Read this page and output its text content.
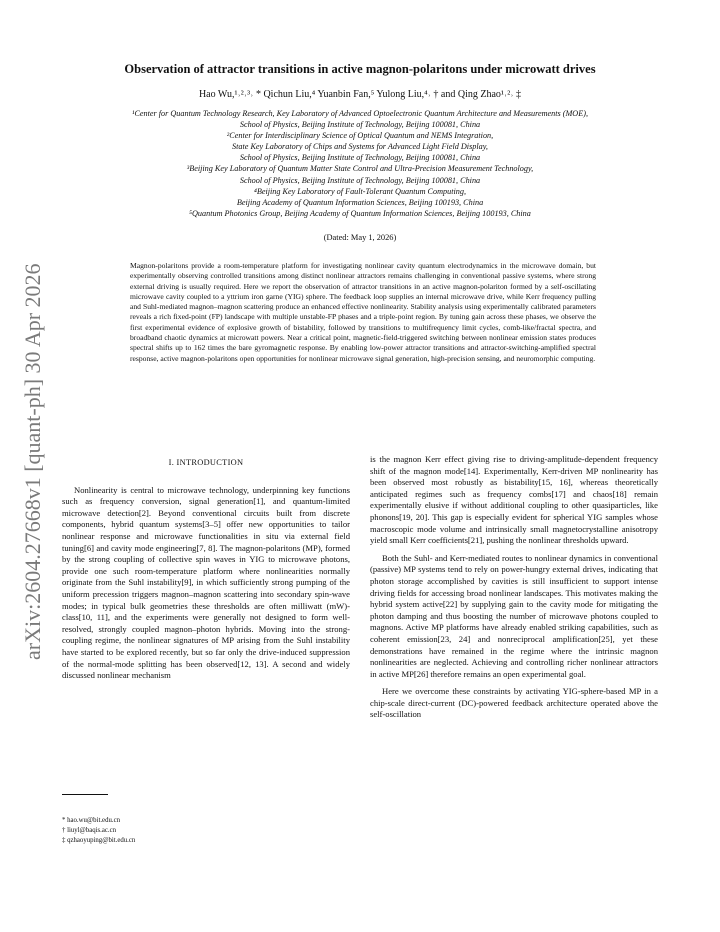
arXiv:2604.27668v1 [quant-ph] 30 Apr 2026
Observation of attractor transitions in active magnon-polaritons under microwatt drives
Hao Wu,¹˒²˒³˒ * Qichun Liu,⁴ Yuanbin Fan,⁵ Yulong Liu,⁴˒ † and Qing Zhao¹˒²˒ ‡
¹Center for Quantum Technology Research, Key Laboratory of Advanced Optoelectronic Quantum Architecture and Measurements (MOE),
School of Physics, Beijing Institute of Technology, Beijing 100081, China
²Center for Interdisciplinary Science of Optical Quantum and NEMS Integration,
State Key Laboratory of Chips and Systems for Advanced Light Field Display,
School of Physics, Beijing Institute of Technology, Beijing 100081, China
³Beijing Key Laboratory of Quantum Matter State Control and Ultra-Precision Measurement Technology,
School of Physics, Beijing Institute of Technology, Beijing 100081, China
⁴Beijing Key Laboratory of Fault-Tolerant Quantum Computing,
Beijing Academy of Quantum Information Sciences, Beijing 100193, China
⁵Quantum Photonics Group, Beijing Academy of Quantum Information Sciences, Beijing 100193, China
(Dated: May 1, 2026)
Magnon-polaritons provide a room-temperature platform for investigating nonlinear cavity quantum electrodynamics in the microwave domain, but experimentally observing controlled transitions among distinct nonlinear attractors remains challenging in conventional passive systems, where strong external driving is usually required. Here we report the observation of attractor transitions in an active magnon-polariton formed by a self-oscillating microwave cavity coupled to a yttrium iron garne (YIG) sphere. The feedback loop supplies an internal microwave drive, while Kerr frequency pulling and Suhl-mediated magnon–magnon scattering produce an enhanced effective nonlinearity. Stability analysis using experimentally calibrated parameters reveals a rich fixed-point (FP) landscape with multiple unstable-FP phases and a triple-point region. By tuning gain across these phases, we observe the first experimental evidence of explosive growth of bistability, followed by transitions to multifrequency limit cycles, comb-like/fractal spectra, and broadband chaotic dynamics at microwatt powers. Near a critical point, magnetic-field-triggered switching between nonlinear emission states produces spectral shifts up to 162 times the bare gyromagnetic response. By enabling low-power attractor transitions and attractor-switching-amplified spectral response, active magnon-polaritons open opportunities for nonlinear microwave signal generation, high-precision sensing, and neuromorphic computing.
I. INTRODUCTION

Nonlinearity is central to microwave technology, underpinning key functions such as frequency conversion, signal generation[1], and quantum-limited microwave detection[2]. Beyond conventional circuits built from discrete components, hybrid quantum systems[3–5] offer new opportunities to tailor nonlinear response and microwave functionalities in situ via external field tuning[6] and cavity mode engineering[7, 8]. The magnon-polaritons (MP), formed by the strong coupling of collective spin waves in YIG to microwave photons, provide one such room-temperature platform where nonlinearities normally originate from the Suhl instability[9], in which sufficiently strong pumping of the uniform precession triggers magnon–magnon scattering into secondary spin-wave modes; in typical bulk geometries these thresholds are often milliwatt (mW)-class[10, 11], and the experiments were generally not designed to form well-resolved, strongly coupled magnon–photon hybrids. Moving into the strong-coupling regime, the nonlinear signatures of MP arising from the Suhl instability have started to be explored recently, but so far only the drive-induced suppression of the normal-mode splitting has been observed[12, 13]. A second and widely discussed nonlinear mechanism

is the magnon Kerr effect giving rise to driving-amplitude-dependent frequency shift of the magnon mode[14]. Experimentally, Kerr-driven MP nonlinearity has been observed most robustly as bistability[15, 16], whereas theoretically anticipated regimes such as frequency combs[17] and chaos[18] remain experimentally elusive if without additional coupling to other quasiparticles, like phonons[19, 20]. This gap is especially evident for spherical YIG samples whose macroscopic mode volume and intrinsically small magnetocrystalline anisotropy yield small Kerr coefficients[21], pushing the nonlinear thresholds upward.

Both the Suhl- and Kerr-mediated routes to nonlinear dynamics in conventional (passive) MP systems tend to rely on power-hungry external drives, indicating that photon storage accomplished by cavities is still insufficient to support intense driving fields for accessing broad nonlinear landscapes. This motivates making the hybrid system active[22] by supplying gain to the cavity mode for mitigating the photon damping and thus boosting the number of microwave photons coupled to magnons. Active MP platforms have already enabled striking capabilities, such as coherent emission[23, 24] and nonreciprocal amplification[25], yet these demonstrations have remained in the regime where the intrinsic magnon nonlinearities are neglected. Achieving and controlling richer nonlinear attractors in active MP[26] therefore remains an open experimental goal.

Here we overcome these constraints by activating YIG-sphere-based MP in a chip-scale direct-current (DC)-powered feedback architecture operated above the self-oscillation

* hao.wu@bit.edu.cn
† liuyl@baqis.ac.cn
‡ qzhaoyuping@bit.edu.cn
